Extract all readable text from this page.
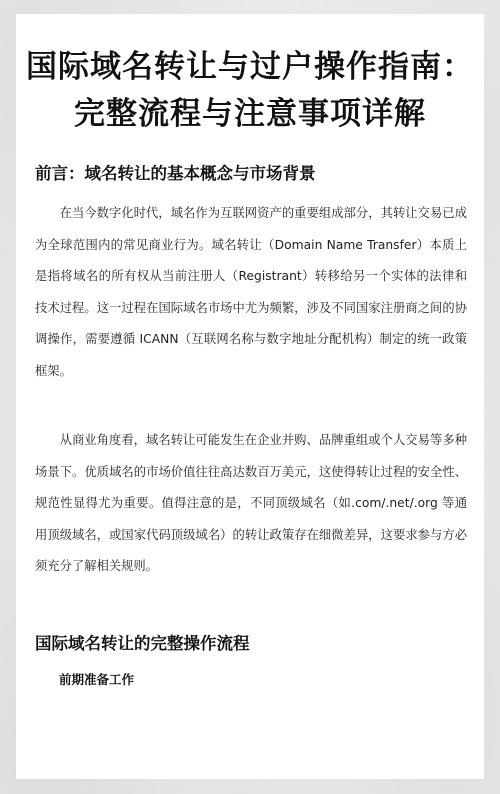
国际域名转让与过户操作指南：完整流程与注意事项详解
前言：域名转让的基本概念与市场背景

在当今数字化时代，域名作为互联网资产的重要组成部分，其转让交易已成为全球范围内的常见商业行为。域名转让（Domain Name Transfer）本质上是指将域名的所有权从当前注册人（Registrant）转移给另一个实体的法律和技术过程。这一过程在国际域名市场中尤为频繁，涉及不同国家注册商之间的协调操作，需要遵循 ICANN（互联网名称与数字地址分配机构）制定的统一政策框架。

从商业角度看，域名转让可能发生在企业并购、品牌重组或个人交易等多种场景下。优质域名的市场价值往往高达数百万美元，这使得转让过程的安全性、规范性显得尤为重要。值得注意的是，不同顶级域名（如.com/.net/.org 等通用顶级域名，或国家代码顶级域名）的转让政策存在细微差异，这要求参与方必须充分了解相关规则。

国际域名转让的完整操作流程
前期准备工作
